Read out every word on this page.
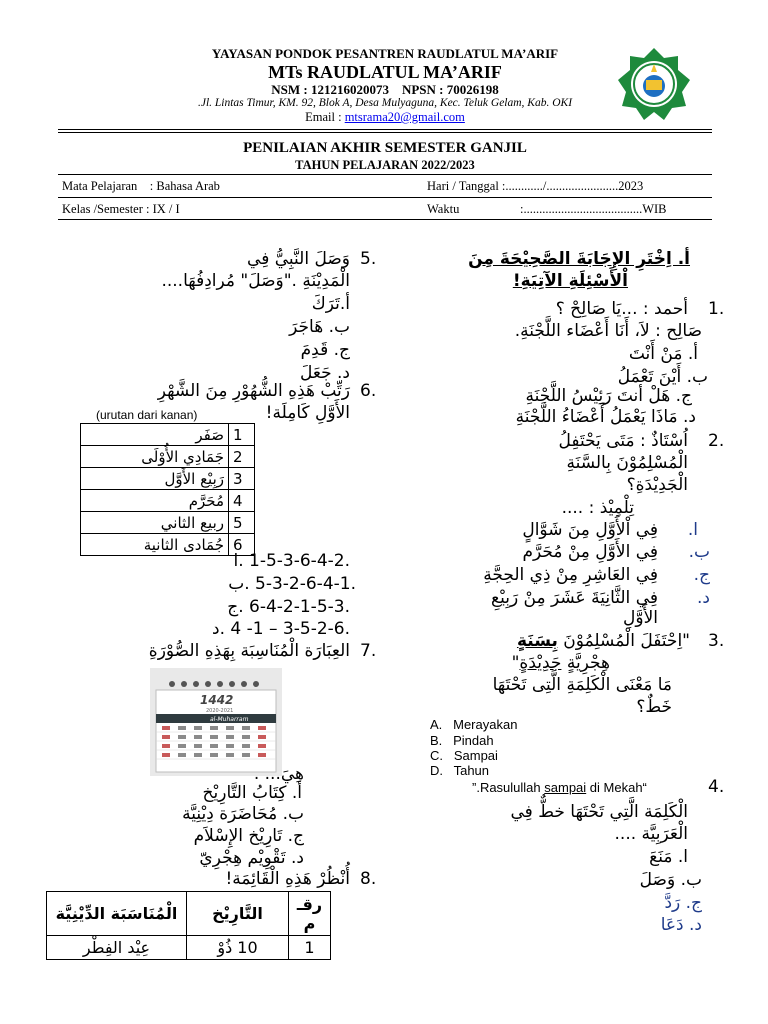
YAYASAN PONDOK PESANTREN RAUDLATUL MA’ARIF
MTs RAUDLATUL MA’ARIF
NSM : 121216020073    NPSN : 70026198
.Jl. Lintas Timur, KM. 92, Blok A, Desa Mulyaguna, Kec. Teluk Gelam, Kab. OKI
Email : mtsrama20@gmail.com
PENILAIAN AKHIR SEMESTER GANJIL
TAHUN PELAJARAN 2022/2023
Mata Pelajaran    : Bahasa Arab	Hari / Tanggal :............/.......................2023
Kelas /Semester : IX / I	Waktu	:......................................WIB
أ. اِخْتَرِ الإِجَابَةَ الصَّحِيْحَةَ مِنَ
اْلأَسْئِلَةِ الآتِيَةِ!
1.
أحمد : ...يَا صَالِحْ ؟
صَالِح : لاَ، أَنَا أَعْضَاء اللَّجْنَةِ.
أ. مَنْ أَنْتَ
ب. أَيْنَ تَعْمَلُ
ج. هَلْ أنتَ رَئِيْسُ اللَّجْنَةِ
د. مَاذَا يَعْمَلُ أَعْضَاءُ اللَّجْنَةِ
2.
اُسْتَاذٌ : مَتَى يَحْتَفِلُ
الْمُسْلِمُوْنَ بِالسَّنَةِ
الْجَدِيْدَةِ؟
تِلْمِيْذ : ....
ا.
فِي اْلأَوَّلِ مِنَ شَوَّالٍ
ب.
فِي الأَوَّلِ مِنْ مُحَرَّم
ج.
فِي العَاشِرِ مِنْ ذِي الحِجَّةِ
د.
فِي الثَّانِيَةَ عَشَرَ مِنْ رَبِيْعِ
الأَوَّلِ
3.
"اِحْتَفَلَ الْمُسْلِمُوْنَ بِسَنَةٍ
هِجْرِيَّةٍ جَدِيْدَةٍ"
مَا مَعْنَى الْكَلِمَةِ الَّتِى تَحْتَهَا
خَطٌ؟
A.   Merayakan
B.   Pindah
C.   Sampai
D.   Tahun
4.
”.Rasulullah sampai di Mekah“
الْكَلِمَة الَّتِي تَحْتَهَا خطٌّ فِي
الْعَرَبِيَّة ....
ا. مَنَعَ
ب. وَصَلَ
ج. رَدَّ
د. دَعَا
5.
وَصَلَ النَّبِيُّ فِي
الْمَدِيْنَةِ ."وَصَلَ" مُرادِفُهَا....
أ.تَرَكَ
ب. هَاجَرَ
ج. قَدِمَ
د. جَعَلَ
6.
رَتِّبْ هَذِهِ الشُّهُوْرِ مِنَ الشَّهْرِ
الأَوَّلِ كَامِلَة!
(urutan dari kanan)
صَفَر	1
جَمَادِي الأُوْلَى	2
رَبِيْع الأَوَّل	3
مُحَرَّم	4
ربيع الثاني	5
جُمَادى الثانية	6
.1-5-3-6-4-2 .ا
.5-3-2-6-4-1 .ب
.6-4-2-1-5-3 .ج
.3-5-2-6 – 1- 4 .د
7.
العِبَارَة الْمُنَاسِبَة بِهَذِهِ الصُّوْرَةِ
1442
2020-2021
al-Muharram
هِيَ... .
أ. كِتَابُ التَّارِيْخ
ب. مُحَاضَرَة دِيْنِيَّة
ج. تَارِيْخ الإِسْلاَم
د. تَقْوِيْم هِجْرِيّ
8.
أُنْظُرْ هَذِهِ الْقَائِمَة!
الْمُنَاسَبَة الدِّيْنِيَّة	التَّارِيْخ	رقـ م
عِيْد الفِطْر	10 ذُوْ	1
